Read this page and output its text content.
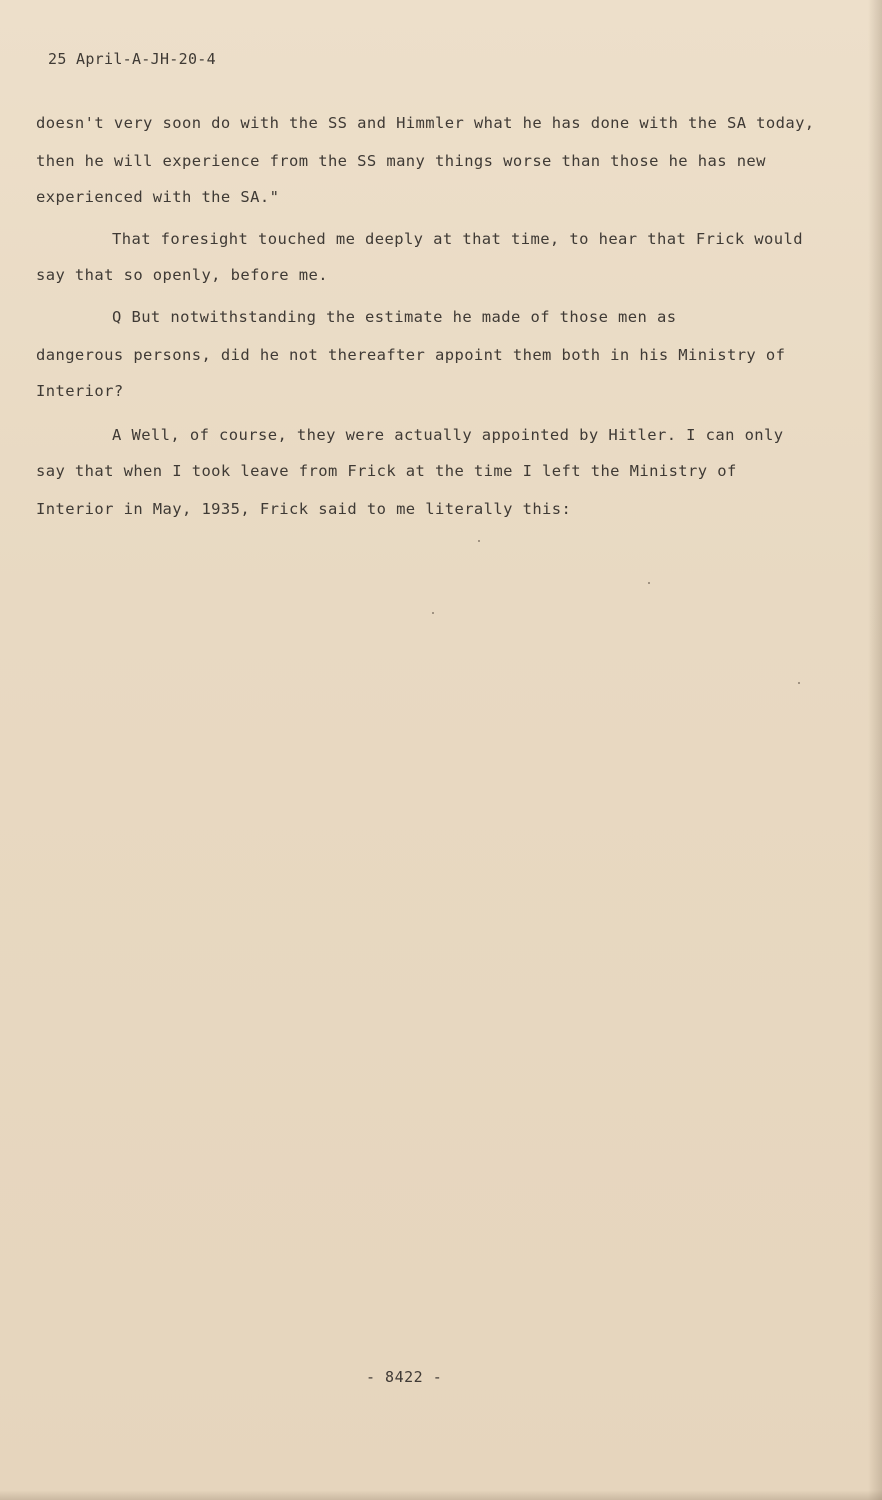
25 April-A-JH-20-4
doesn't very soon do with the SS and Himmler what he has done with the SA today,
then he will experience from the SS many things worse than those he has new
experienced with the SA."
That foresight touched me deeply at that time, to hear that Frick would
say that so openly, before me.
Q But notwithstanding the estimate he made of those men as
dangerous persons, did he not thereafter appoint them both in his Ministry of
Interior?
A Well, of course, they were actually appointed by Hitler. I can only
say that when I took leave from Frick at the time I left the Ministry of
Interior in May, 1935, Frick said to me literally this:
- 8422 -
